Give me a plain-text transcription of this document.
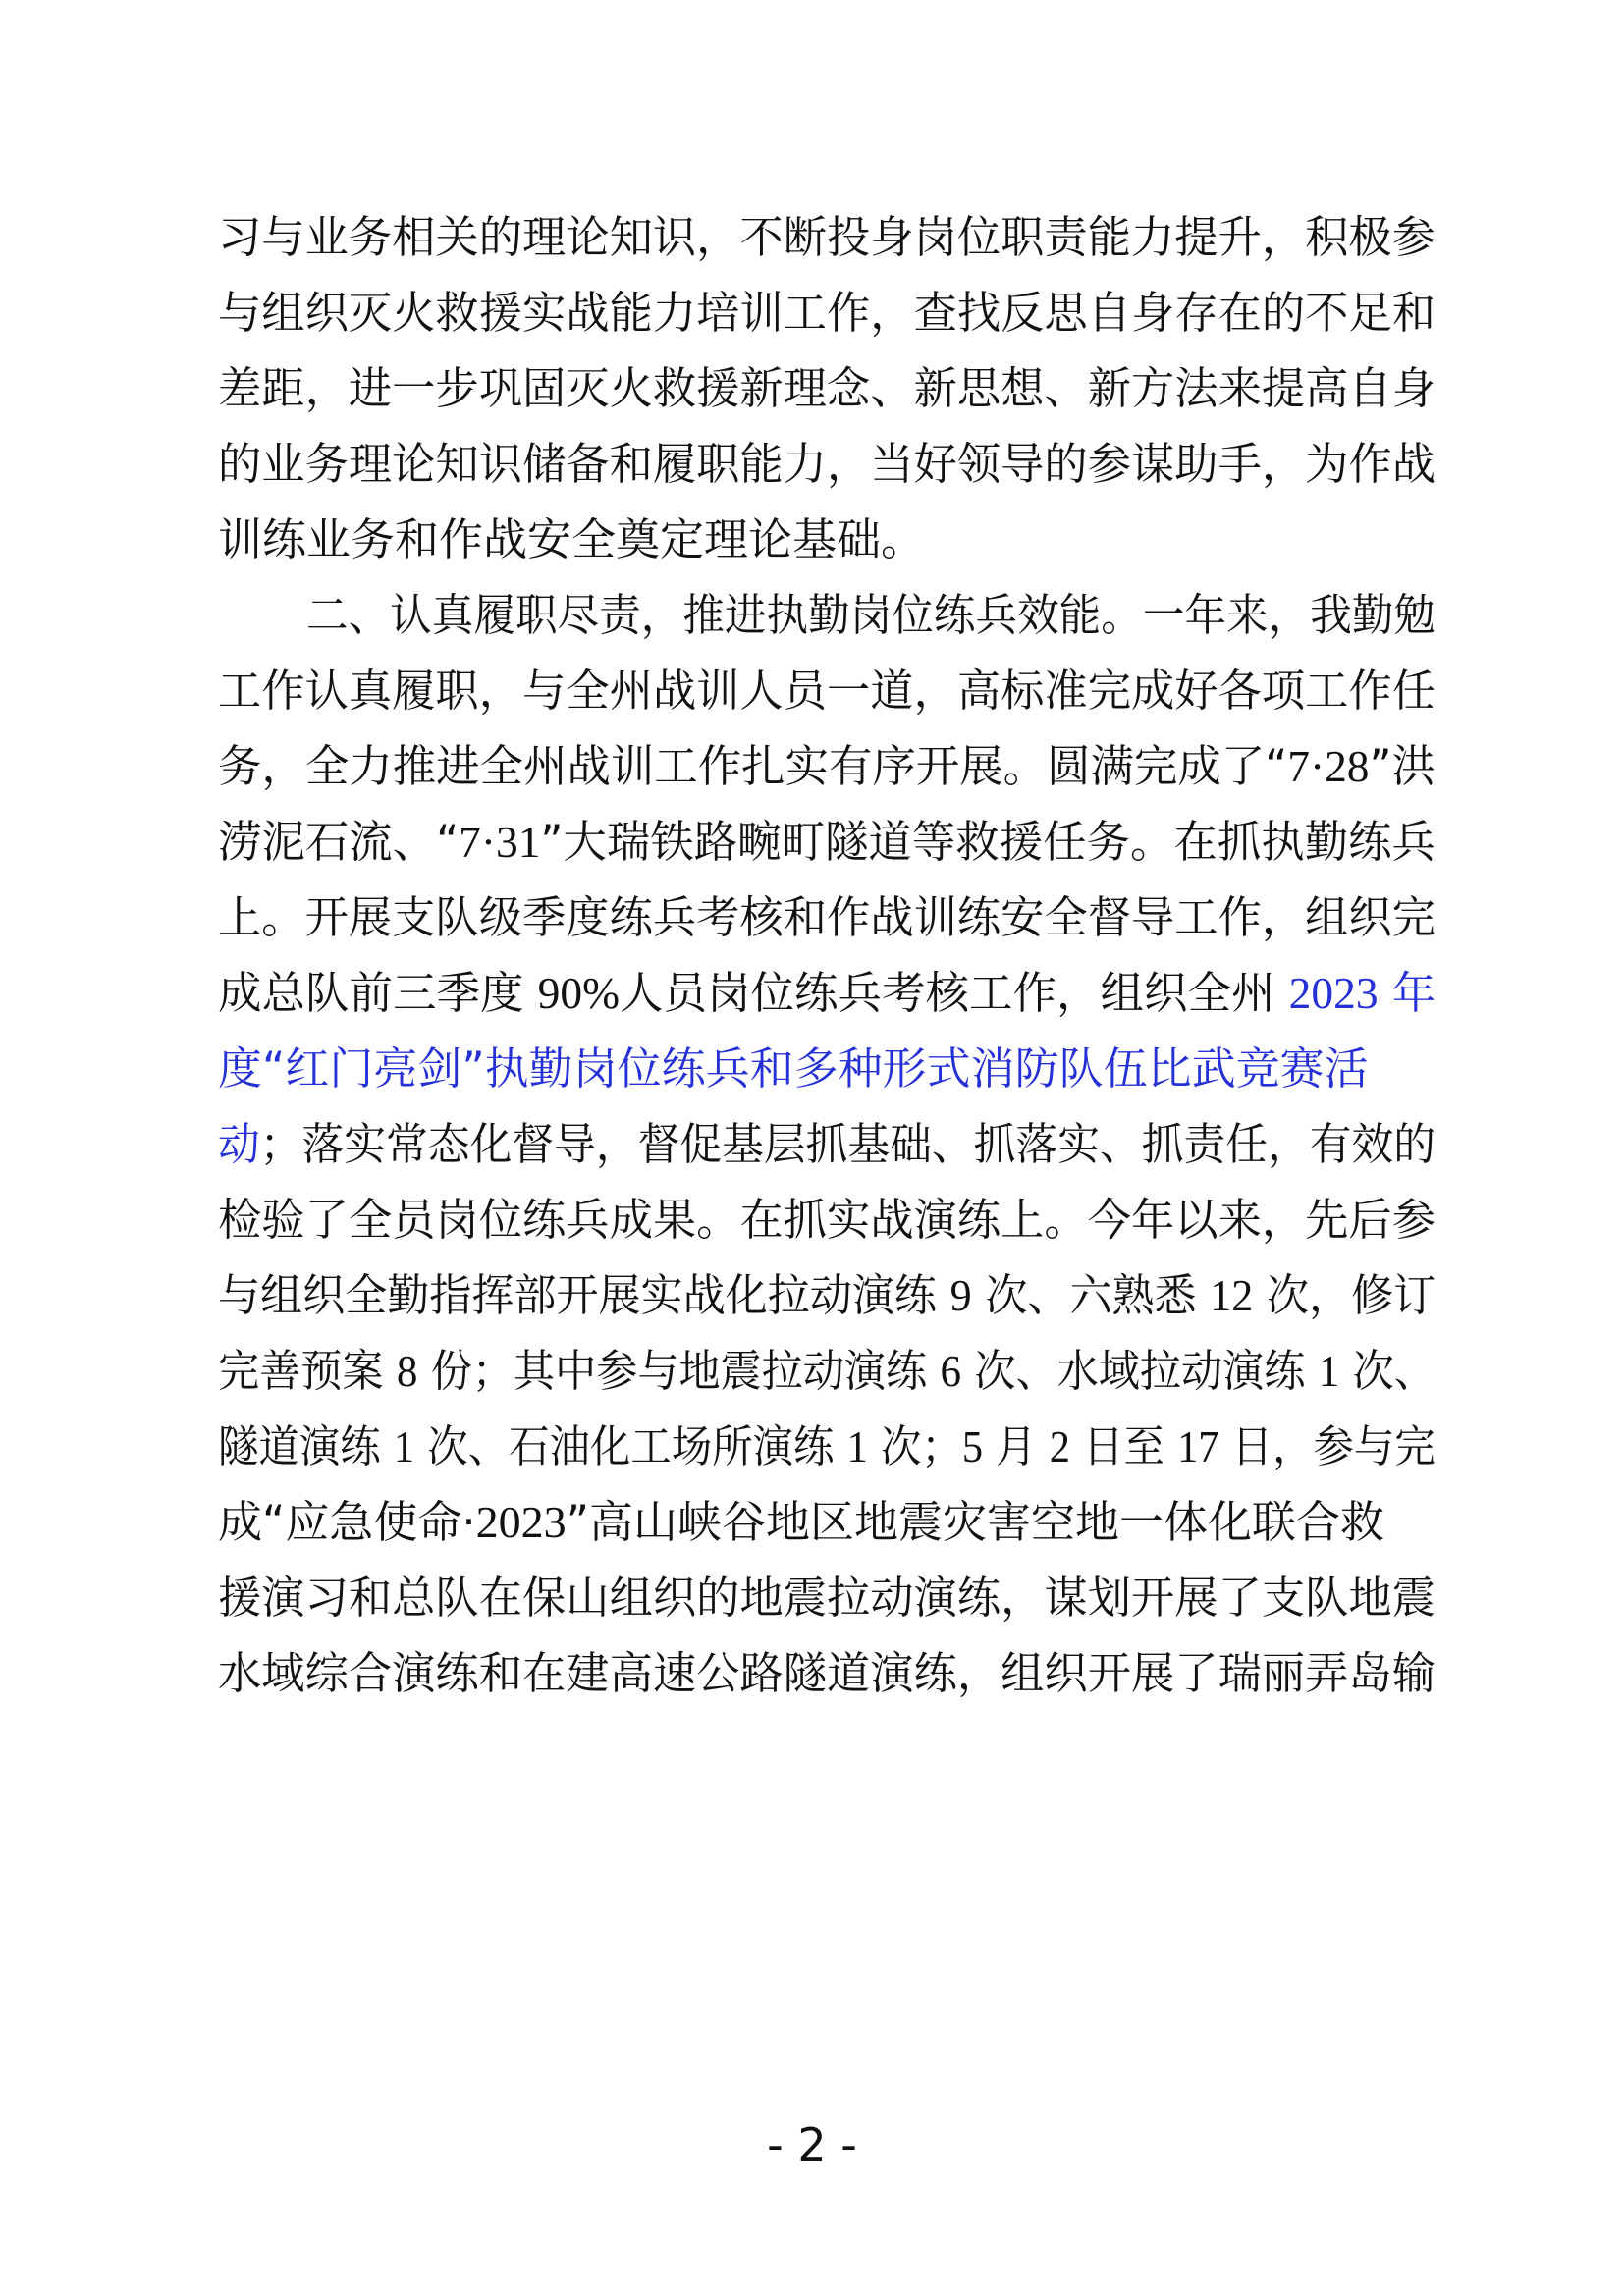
习与业务相关的理论知识，不断投身岗位职责能力提升，积极参
与组织灭火救援实战能力培训工作，查找反思自身存在的不足和
差距，进一步巩固灭火救援新理念、新思想、新方法来提高自身
的业务理论知识储备和履职能力，当好领导的参谋助手，为作战
训练业务和作战安全奠定理论基础。
二、认真履职尽责，推进执勤岗位练兵效能。一年来，我勤勉
工作认真履职，与全州战训人员一道，高标准完成好各项工作任
务，全力推进全州战训工作扎实有序开展。圆满完成了“7·28”洪
涝泥石流、“7·31”大瑞铁路畹町隧道等救援任务。在抓执勤练兵
上。开展支队级季度练兵考核和作战训练安全督导工作，组织完
成总队前三季度 90%人员岗位练兵考核工作，组织全州 2023 年
度“红门亮剑”执勤岗位练兵和多种形式消防队伍比武竞赛活
动；落实常态化督导，督促基层抓基础、抓落实、抓责任，有效的
检验了全员岗位练兵成果。在抓实战演练上。今年以来，先后参
与组织全勤指挥部开展实战化拉动演练 9 次、六熟悉 12 次，修订
完善预案 8 份；其中参与地震拉动演练 6 次、水域拉动演练 1 次、
隧道演练 1 次、石油化工场所演练 1 次；5 月 2 日至 17 日，参与完
成“应急使命·2023”高山峡谷地区地震灾害空地一体化联合救
援演习和总队在保山组织的地震拉动演练，谋划开展了支队地震
水域综合演练和在建高速公路隧道演练，组织开展了瑞丽弄岛输
- 2 -
